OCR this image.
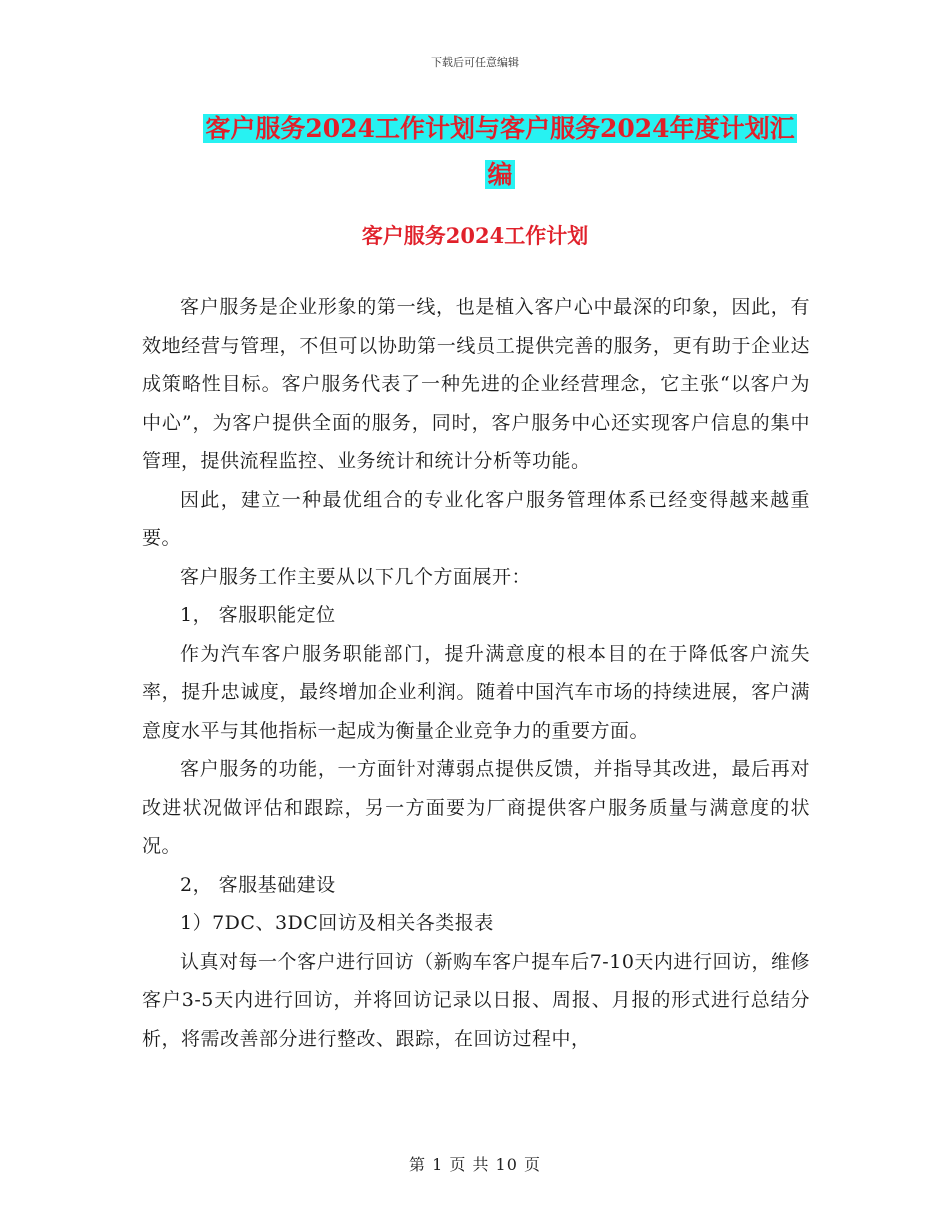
下载后可任意编辑
客户服务2024工作计划与客户服务2024年度计划汇
编
客户服务2024工作计划

客户服务是企业形象的第一线，也是植入客户心中最深的印象，因此，有效地经营与管理，不但可以协助第一线员工提供完善的服务，更有助于企业达成策略性目标。客户服务代表了一种先进的企业经营理念，它主张“以客户为中心”，为客户提供全面的服务，同时，客户服务中心还实现客户信息的集中管理，提供流程监控、业务统计和统计分析等功能。

因此，建立一种最优组合的专业化客户服务管理体系已经变得越来越重要。

客户服务工作主要从以下几个方面展开：

1， 客服职能定位

作为汽车客户服务职能部门，提升满意度的根本目的在于降低客户流失率，提升忠诚度，最终增加企业利润。随着中国汽车市场的持续进展，客户满意度水平与其他指标一起成为衡量企业竞争力的重要方面。

客户服务的功能，一方面针对薄弱点提供反馈，并指导其改进，最后再对改进状况做评估和跟踪，另一方面要为厂商提供客户服务质量与满意度的状况。

2， 客服基础建设

1）7DC、3DC回访及相关各类报表

认真对每一个客户进行回访（新购车客户提车后7-10天内进行回访，维修客户3-5天内进行回访，并将回访记录以日报、周报、月报的形式进行总结分析，将需改善部分进行整改、跟踪，在回访过程中，

第 1 页 共 10 页
